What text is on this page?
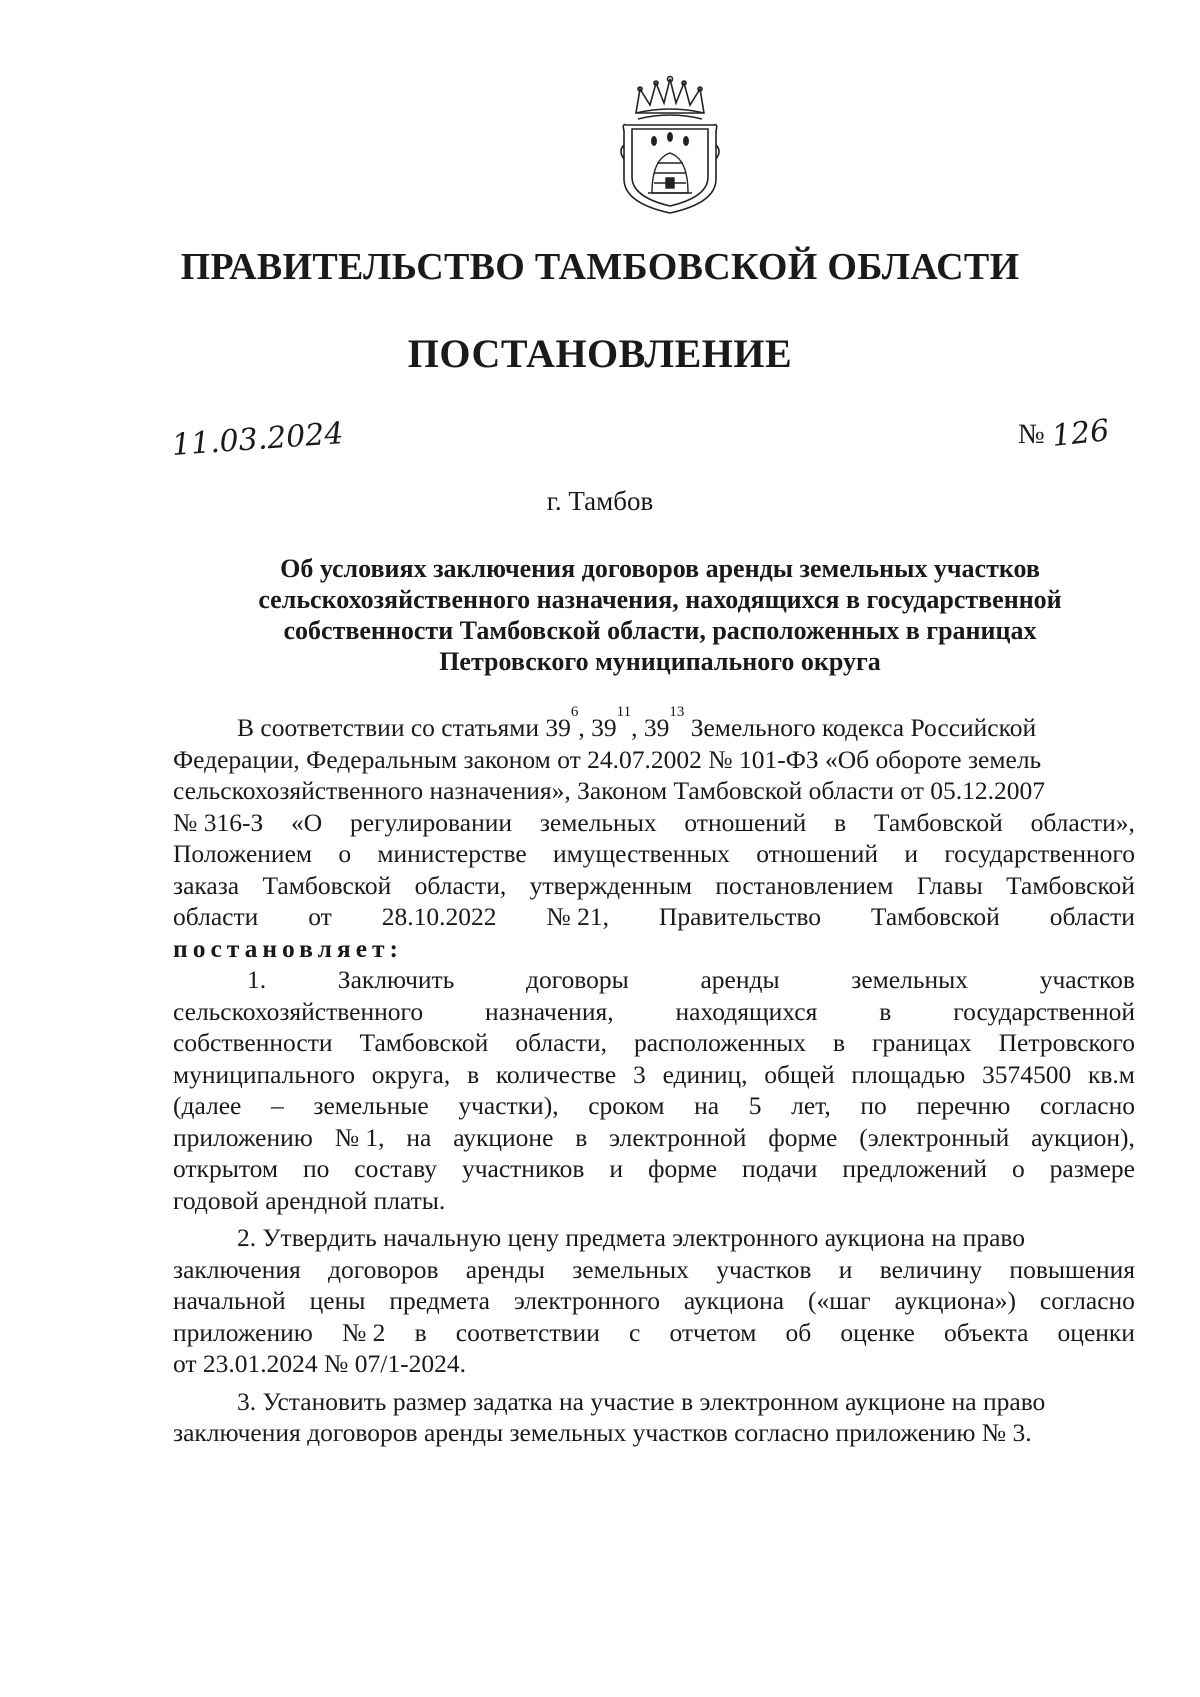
ПРАВИТЕЛЬСТВО ТАМБОВСКОЙ ОБЛАСТИ
ПОСТАНОВЛЕНИЕ
11.03.2024	№ 126
г. Тамбов
Об условиях заключения договоров аренды земельных участков
сельскохозяйственного назначения, находящихся в государственной
собственности Тамбовской области, расположенных в границах
Петровского муниципального округа
В соответствии со статьями 39
6
, 39
11
, 39
13
Земельного кодекса Российской
Федерации, Федеральным законом от 24.07.2002 № 101-ФЗ «Об обороте земель
сельскохозяйственного назначения», Законом Тамбовской области от 05.12.2007
№ 316-З «О регулировании земельных отношений в Тамбовской области»,
Положением о министерстве имущественных отношений и государственного
заказа Тамбовской области, утвержденным постановлением Главы Тамбовской
области от 28.10.2022 № 21, Правительство Тамбовской области
постановляет:
1.	Заключить	договоры	аренды	земельных	участков
сельскохозяйственного назначения, находящихся в государственной
собственности Тамбовской области, расположенных в границах Петровского
муниципального округа, в количестве 3 единиц, общей площадью 3574500 кв.м
(далее – земельные участки), сроком на 5 лет, по перечню согласно
приложению № 1, на аукционе в электронной форме (электронный аукцион),
открытом по составу участников и форме подачи предложений о размере
годовой арендной платы.
2. Утвердить начальную цену предмета электронного аукциона на право
заключения договоров аренды земельных участков и величину повышения
начальной цены предмета электронного аукциона («шаг аукциона») согласно
приложению № 2 в соответствии с отчетом об оценке объекта оценки
от 23.01.2024 № 07/1-2024.
3. Установить размер задатка на участие в электронном аукционе на право
заключения договоров аренды земельных участков согласно приложению № 3.
